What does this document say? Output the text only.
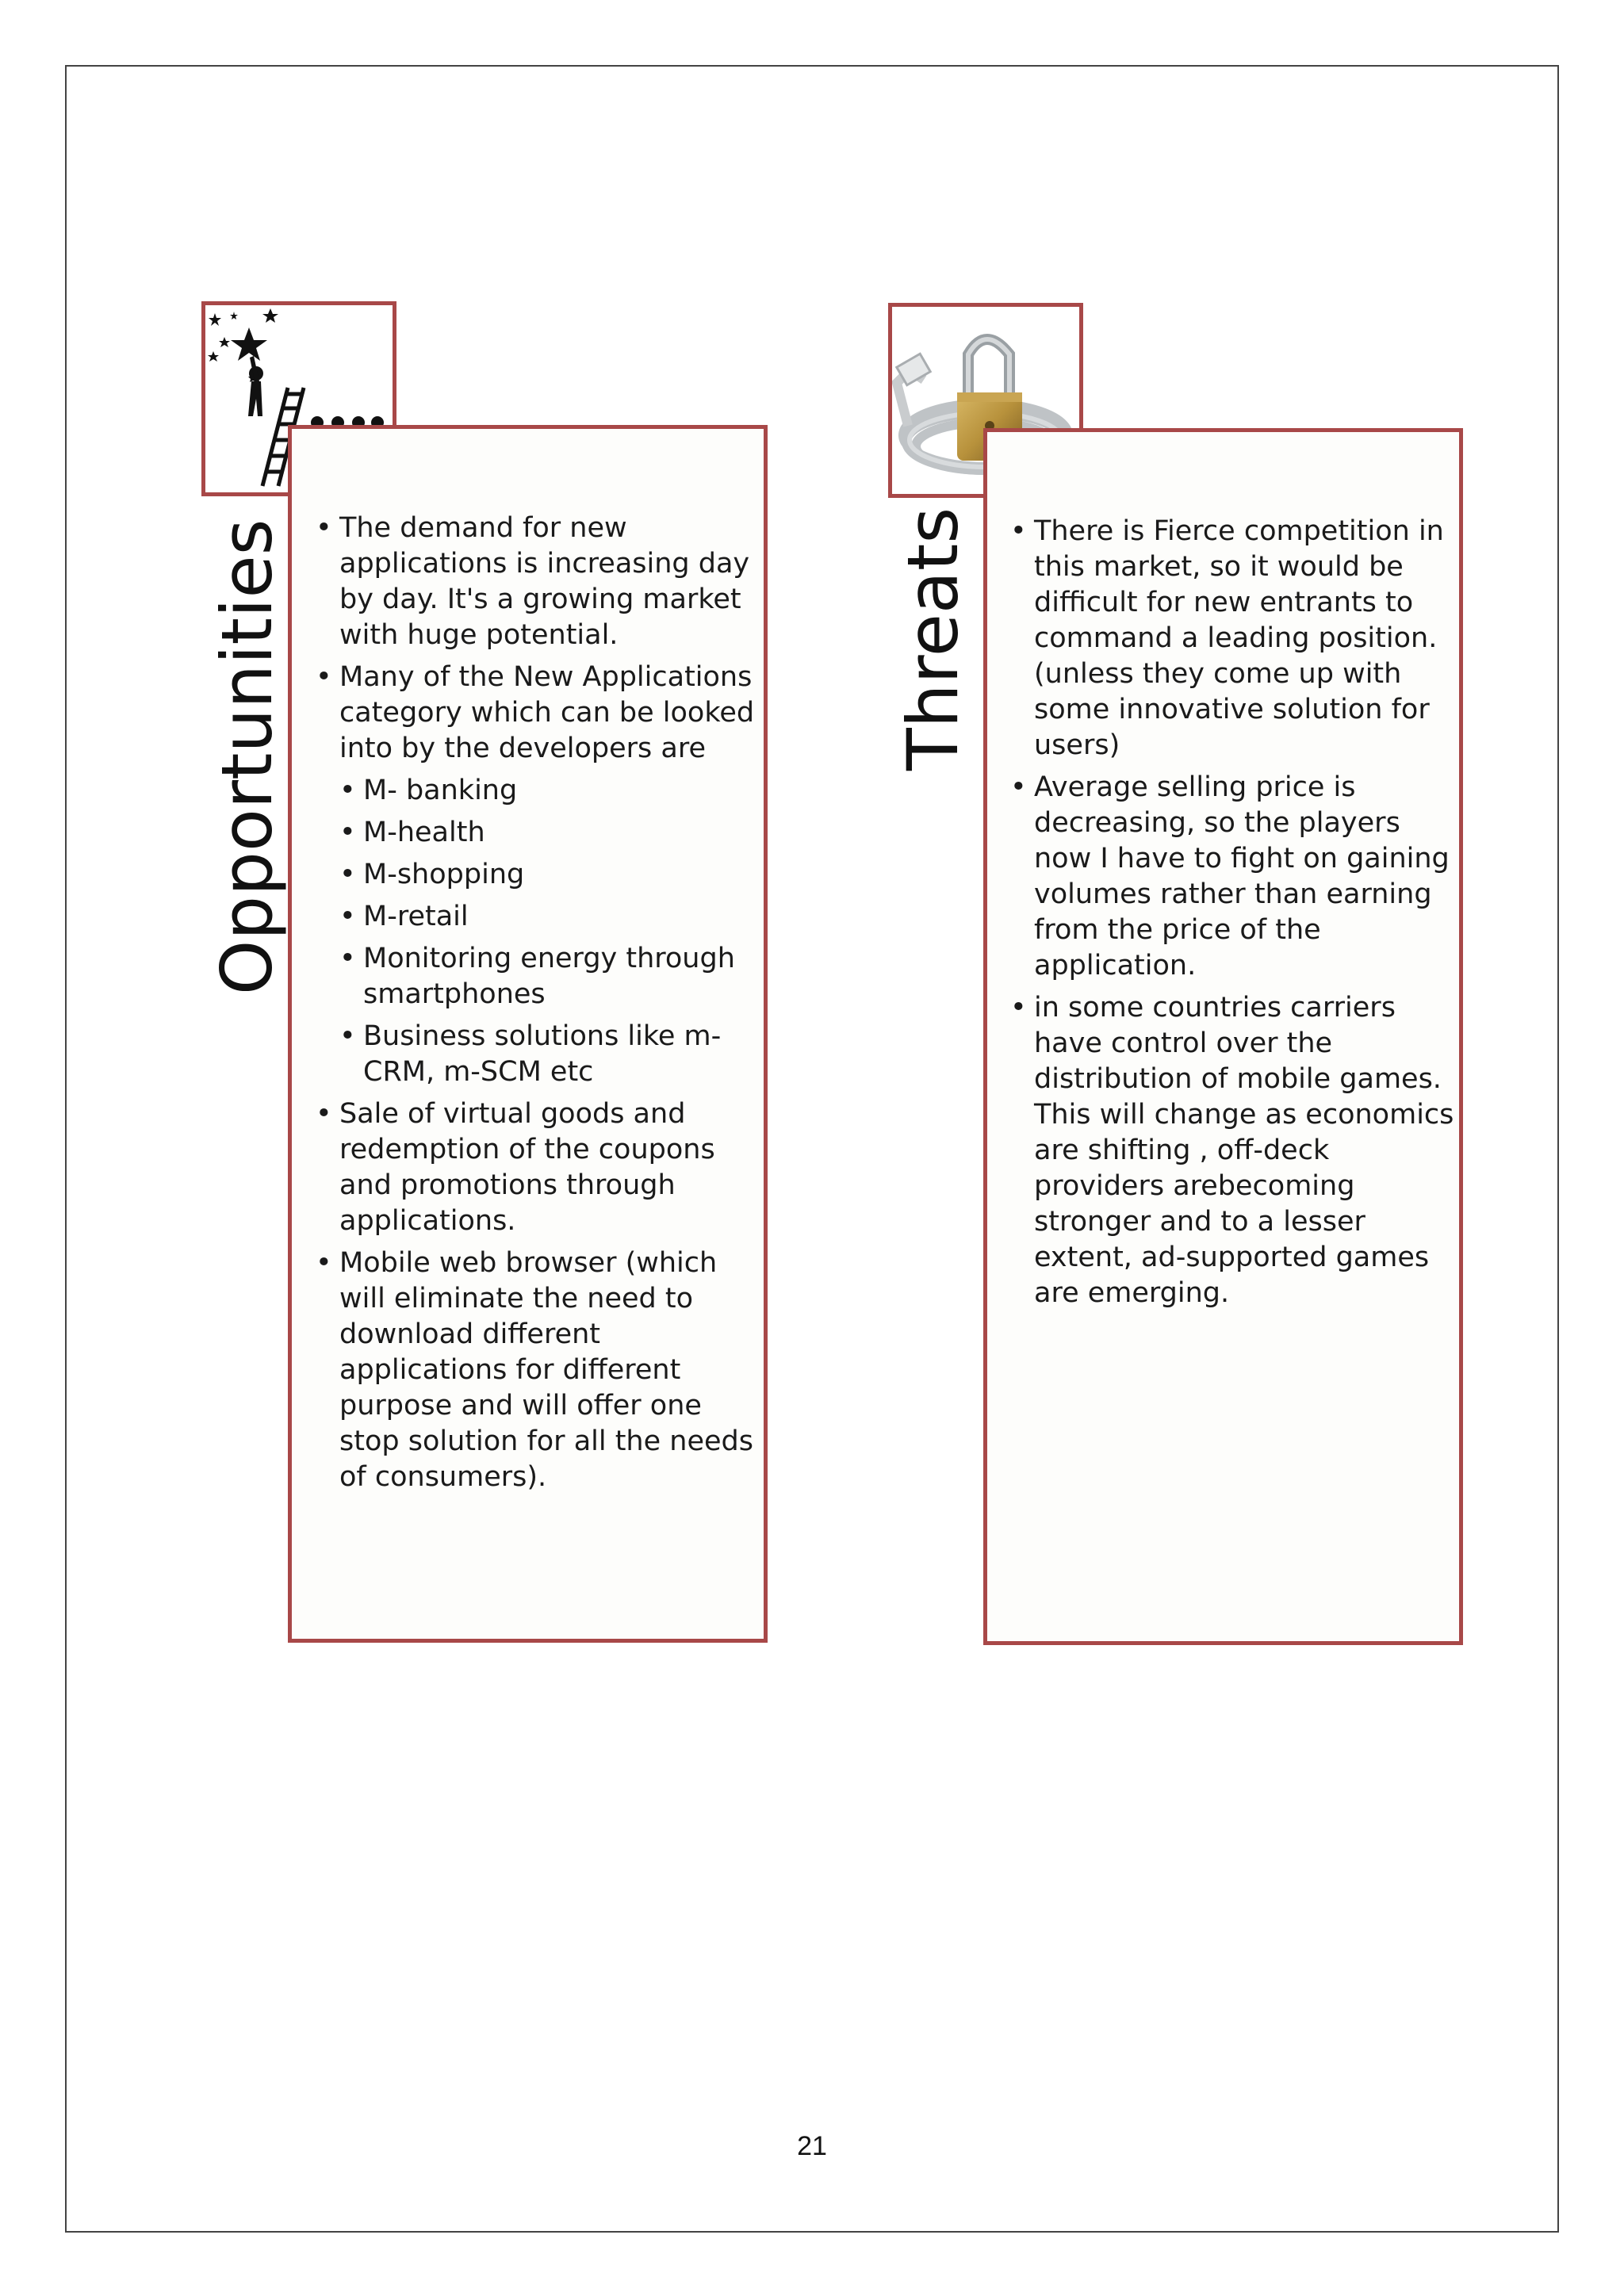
Opportunities	• The demand for new applications is increasing day by day. It's a growing market with huge potential.
• Many of the New Applications category which can be looked into by the developers are
• M- banking
• M-health
• M-shopping
• M-retail
• Monitoring energy through smartphones
• Business solutions like m-CRM, m-SCM etc
• Sale of virtual goods and redemption of the coupons and promotions through applications.
• Mobile web browser (which will eliminate the need to download different applications for different purpose and will offer one stop solution for all the needs of consumers).
Threats	• There is Fierce competition in this market, so it would be difficult for new entrants to command a leading position. (unless they come up with some innovative solution for users)
• Average selling price is decreasing, so the players now I have to fight on gaining volumes rather than earning from the price of the application.
• in some countries carriers have control over the distribution of mobile games. This will change as economics are shifting , off-deck providers arebecoming stronger and to a lesser extent, ad-supported games are emerging.
21
